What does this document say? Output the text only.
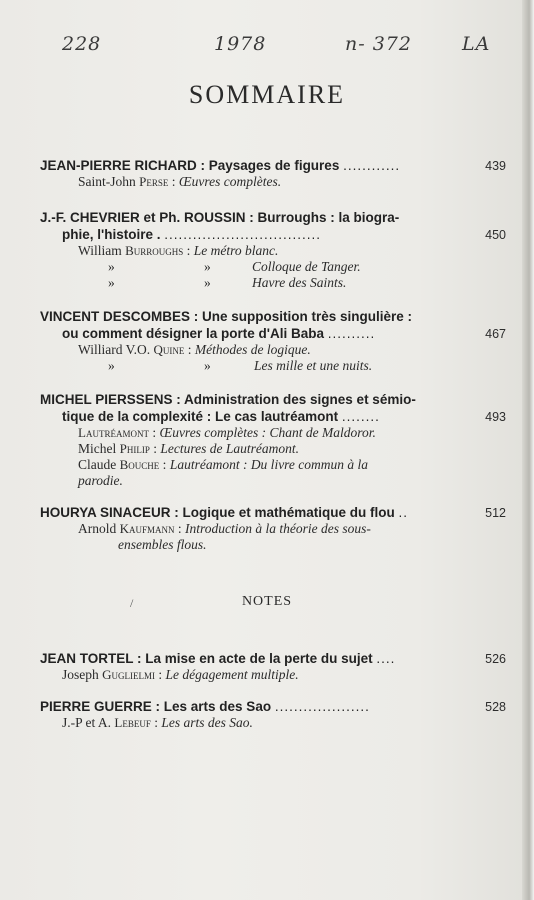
228	1978	n- 372	LA
SOMMAIRE
JEAN-PIERRE RICHARD : Paysages de figures ............	439
Saint-John Perse : Œuvres complètes.
J.-F. CHEVRIER et Ph. ROUSSIN : Burroughs : la biogra-
phie, l'histoire . .................................	450
William Burroughs : Le métro blanc.
»	»	Colloque de Tanger.
»	»	Havre des Saints.
VINCENT DESCOMBES : Une supposition très singulière :
ou comment désigner la porte d'Ali Baba ..........	467
Williard V.O. Quine : Méthodes de logique.
»	»	Les mille et une nuits.
MICHEL PIERSSENS : Administration des signes et sémio-
tique de la complexité : Le cas lautréamont ........	493
Lautréamont : Œuvres complètes : Chant de Maldoror.
Michel Philip : Lectures de Lautréamont.
Claude Bouche : Lautréamont : Du livre commun à la
parodie.
HOURYA SINACEUR : Logique et mathématique du flou ..	512
Arnold Kaufmann : Introduction à la théorie des sous-
ensembles flous.
/	NOTES
JEAN TORTEL : La mise en acte de la perte du sujet ....	526
Joseph Guglielmi : Le dégagement multiple.
PIERRE GUERRE : Les arts des Sao ....................	528
J.-P et A. Lebeuf : Les arts des Sao.
